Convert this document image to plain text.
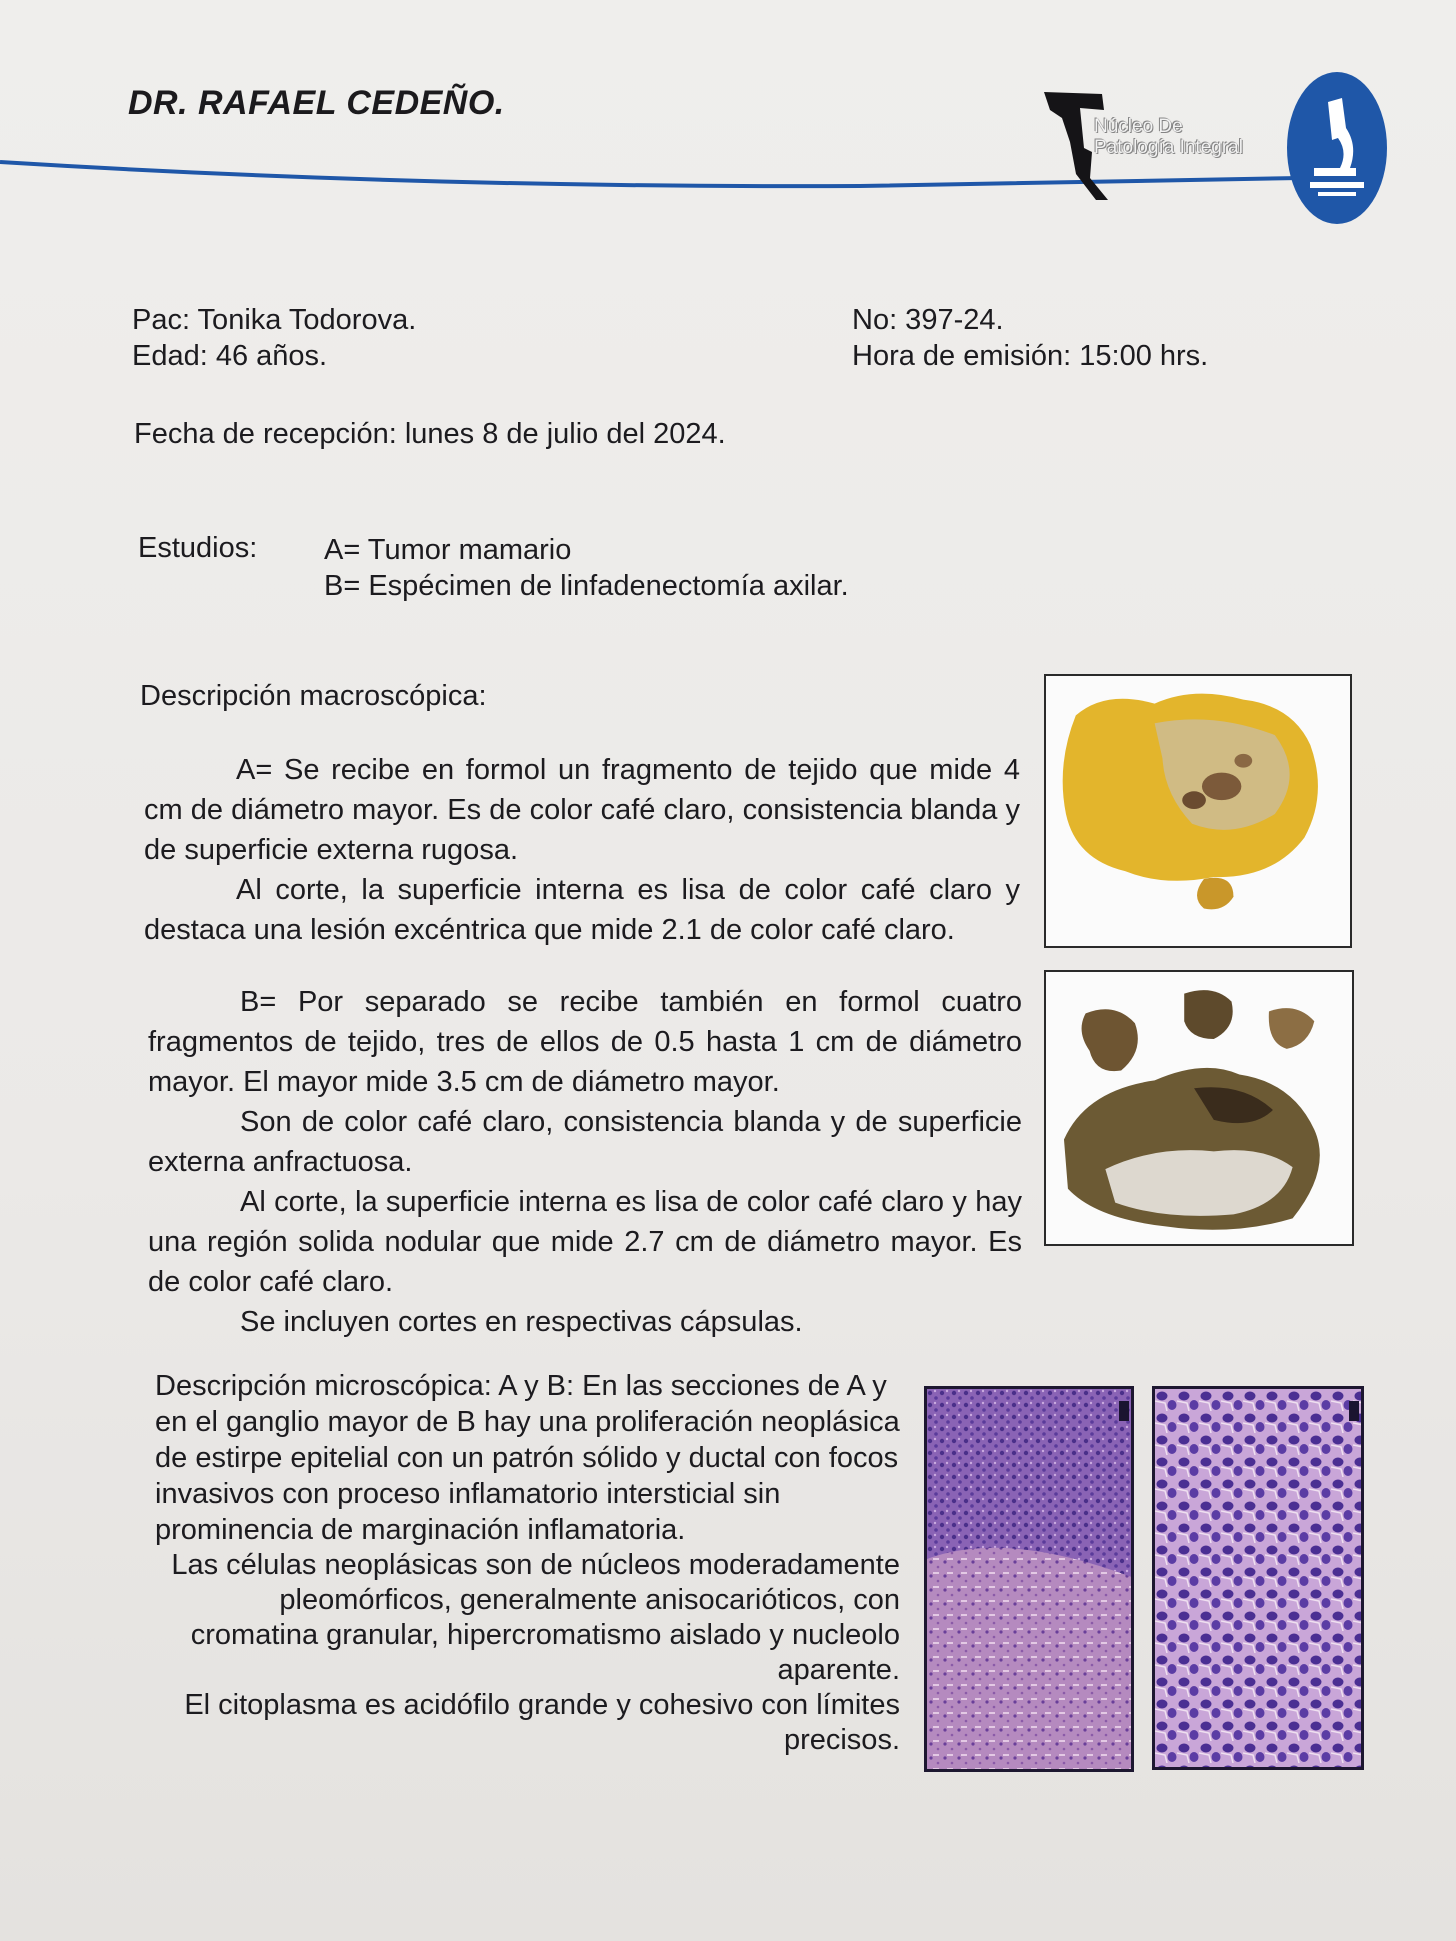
DR. RAFAEL CEDEÑO.
Núcleo De
Patología Integral
Pac: Tonika Todorova.
Edad: 46 años.
No: 397-24.
Hora de emisión: 15:00 hrs.
Fecha de recepción: lunes 8 de julio del 2024.
Estudios: A= Tumor mamario
B= Espécimen de linfadenectomía axilar.
Descripción macroscópica:

A= Se recibe en formol un fragmento de tejido que mide 4 cm de diámetro mayor. Es de color café claro, consistencia blanda y de superficie externa rugosa.

Al corte, la superficie interna es lisa de color café claro y destaca una lesión excéntrica que mide 2.1 de color café claro.

B= Por separado se recibe también en formol cuatro fragmentos de tejido, tres de ellos de 0.5 hasta 1 cm de diámetro mayor. El mayor mide 3.5 cm de diámetro mayor.

Son de color café claro, consistencia blanda y de superficie externa anfractuosa.

Al corte, la superficie interna es lisa de color café claro y hay una región solida nodular que mide 2.7 cm de diámetro mayor. Es de color café claro.

Se incluyen cortes en respectivas cápsulas.

Descripción microscópica: A y B: En las secciones de A y en el ganglio mayor de B hay una proliferación neoplásica de estirpe epitelial con un patrón sólido y ductal con focos invasivos con proceso inflamatorio intersticial sin prominencia de marginación inflamatoria.

Las células neoplásicas son de núcleos moderadamente pleomórficos, generalmente anisocarióticos, con cromatina granular, hipercromatismo aislado y nucleolo aparente.

El citoplasma es acidófilo grande y cohesivo con límites precisos.
